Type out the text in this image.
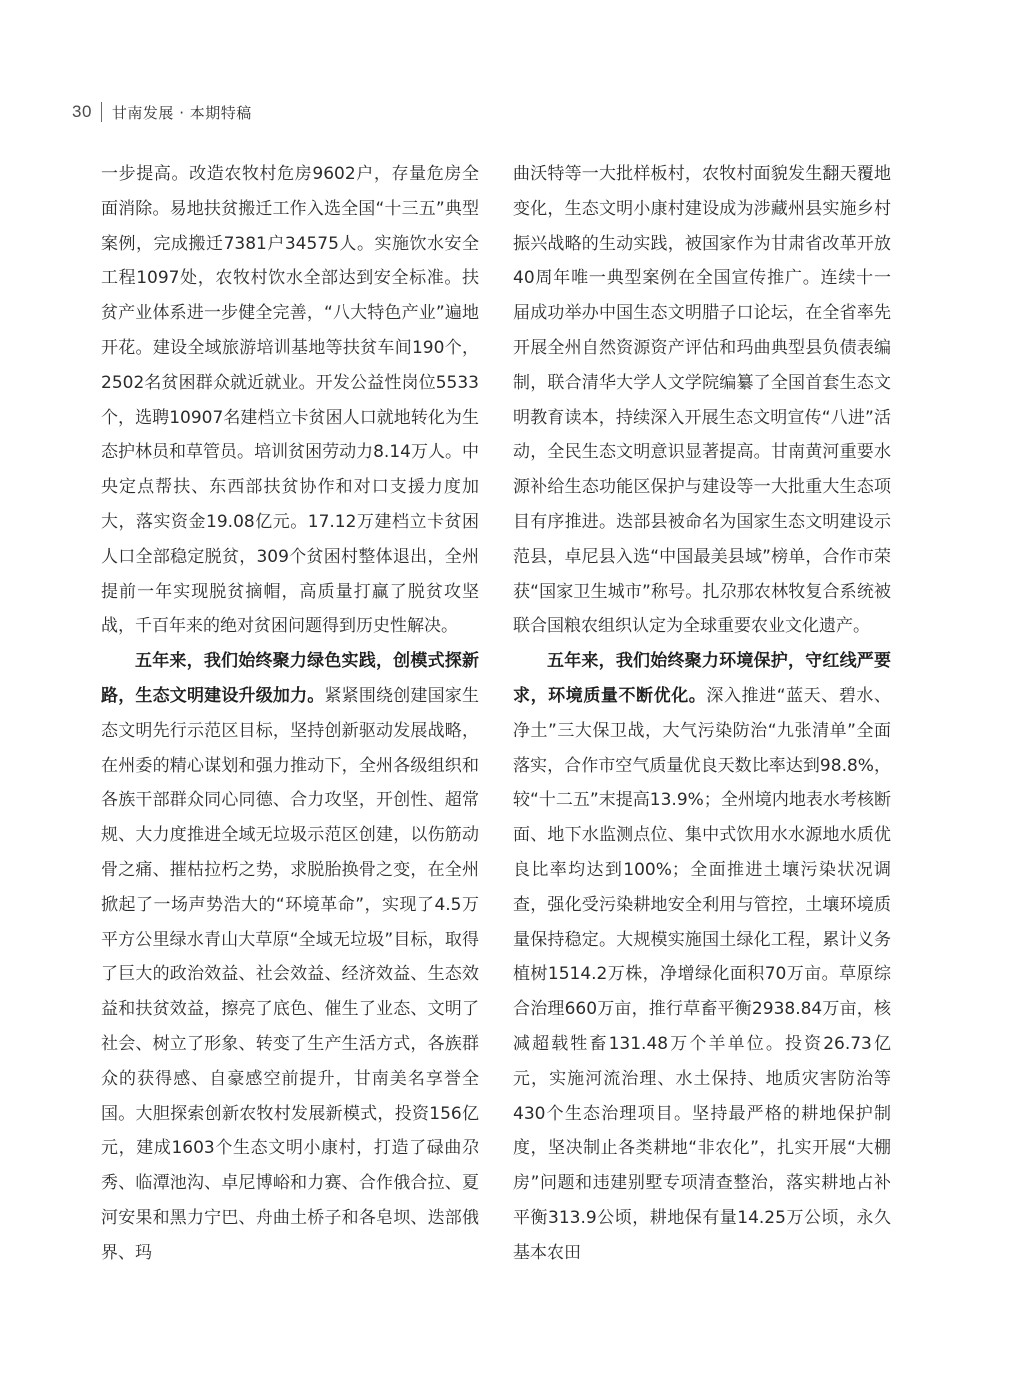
30 甘南发展 · 本期特稿

一步提高。改造农牧村危房9602户，存量危房全面消除。易地扶贫搬迁工作入选全国“十三五”典型案例，完成搬迁7381户34575人。实施饮水安全工程1097处，农牧村饮水全部达到安全标准。扶贫产业体系进一步健全完善，“八大特色产业”遍地开花。建设全域旅游培训基地等扶贫车间190个，2502名贫困群众就近就业。开发公益性岗位5533个，选聘10907名建档立卡贫困人口就地转化为生态护林员和草管员。培训贫困劳动力8.14万人。中央定点帮扶、东西部扶贫协作和对口支援力度加大，落实资金19.08亿元。17.12万建档立卡贫困人口全部稳定脱贫，309个贫困村整体退出，全州提前一年实现脱贫摘帽，高质量打赢了脱贫攻坚战，千百年来的绝对贫困问题得到历史性解决。

五年来，我们始终聚力绿色实践，创模式探新路，生态文明建设升级加力。紧紧围绕创建国家生态文明先行示范区目标，坚持创新驱动发展战略，在州委的精心谋划和强力推动下，全州各级组织和各族干部群众同心同德、合力攻坚，开创性、超常规、大力度推进全域无垃圾示范区创建，以伤筋动骨之痛、摧枯拉朽之势，求脱胎换骨之变，在全州掀起了一场声势浩大的“环境革命”，实现了4.5万平方公里绿水青山大草原“全域无垃圾”目标，取得了巨大的政治效益、社会效益、经济效益、生态效益和扶贫效益，擦亮了底色、催生了业态、文明了社会、树立了形象、转变了生产生活方式，各族群众的获得感、自豪感空前提升，甘南美名享誉全国。大胆探索创新农牧村发展新模式，投资156亿元，建成1603个生态文明小康村，打造了碌曲尕秀、临潭池沟、卓尼博峪和力赛、合作俄合拉、夏河安果和黑力宁巴、舟曲土桥子和各皂坝、迭部俄界、玛

曲沃特等一大批样板村，农牧村面貌发生翻天覆地变化，生态文明小康村建设成为涉藏州县实施乡村振兴战略的生动实践，被国家作为甘肃省改革开放40周年唯一典型案例在全国宣传推广。连续十一届成功举办中国生态文明腊子口论坛，在全省率先开展全州自然资源资产评估和玛曲典型县负债表编制，联合清华大学人文学院编纂了全国首套生态文明教育读本，持续深入开展生态文明宣传“八进”活动，全民生态文明意识显著提高。甘南黄河重要水源补给生态功能区保护与建设等一大批重大生态项目有序推进。迭部县被命名为国家生态文明建设示范县，卓尼县入选“中国最美县域”榜单，合作市荣获“国家卫生城市”称号。扎尕那农林牧复合系统被联合国粮农组织认定为全球重要农业文化遗产。

五年来，我们始终聚力环境保护，守红线严要求，环境质量不断优化。深入推进“蓝天、碧水、净土”三大保卫战，大气污染防治“九张清单”全面落实，合作市空气质量优良天数比率达到98.8%，较“十二五”末提高13.9%；全州境内地表水考核断面、地下水监测点位、集中式饮用水水源地水质优良比率均达到100%；全面推进土壤污染状况调查，强化受污染耕地安全利用与管控，土壤环境质量保持稳定。大规模实施国土绿化工程，累计义务植树1514.2万株，净增绿化面积70万亩。草原综合治理660万亩，推行草畜平衡2938.84万亩，核减超载牲畜131.48万个羊单位。投资26.73亿元，实施河流治理、水土保持、地质灾害防治等430个生态治理项目。坚持最严格的耕地保护制度，坚决制止各类耕地“非农化”，扎实开展“大棚房”问题和违建别墅专项清查整治，落实耕地占补平衡313.9公顷，耕地保有量14.25万公顷，永久基本农田
